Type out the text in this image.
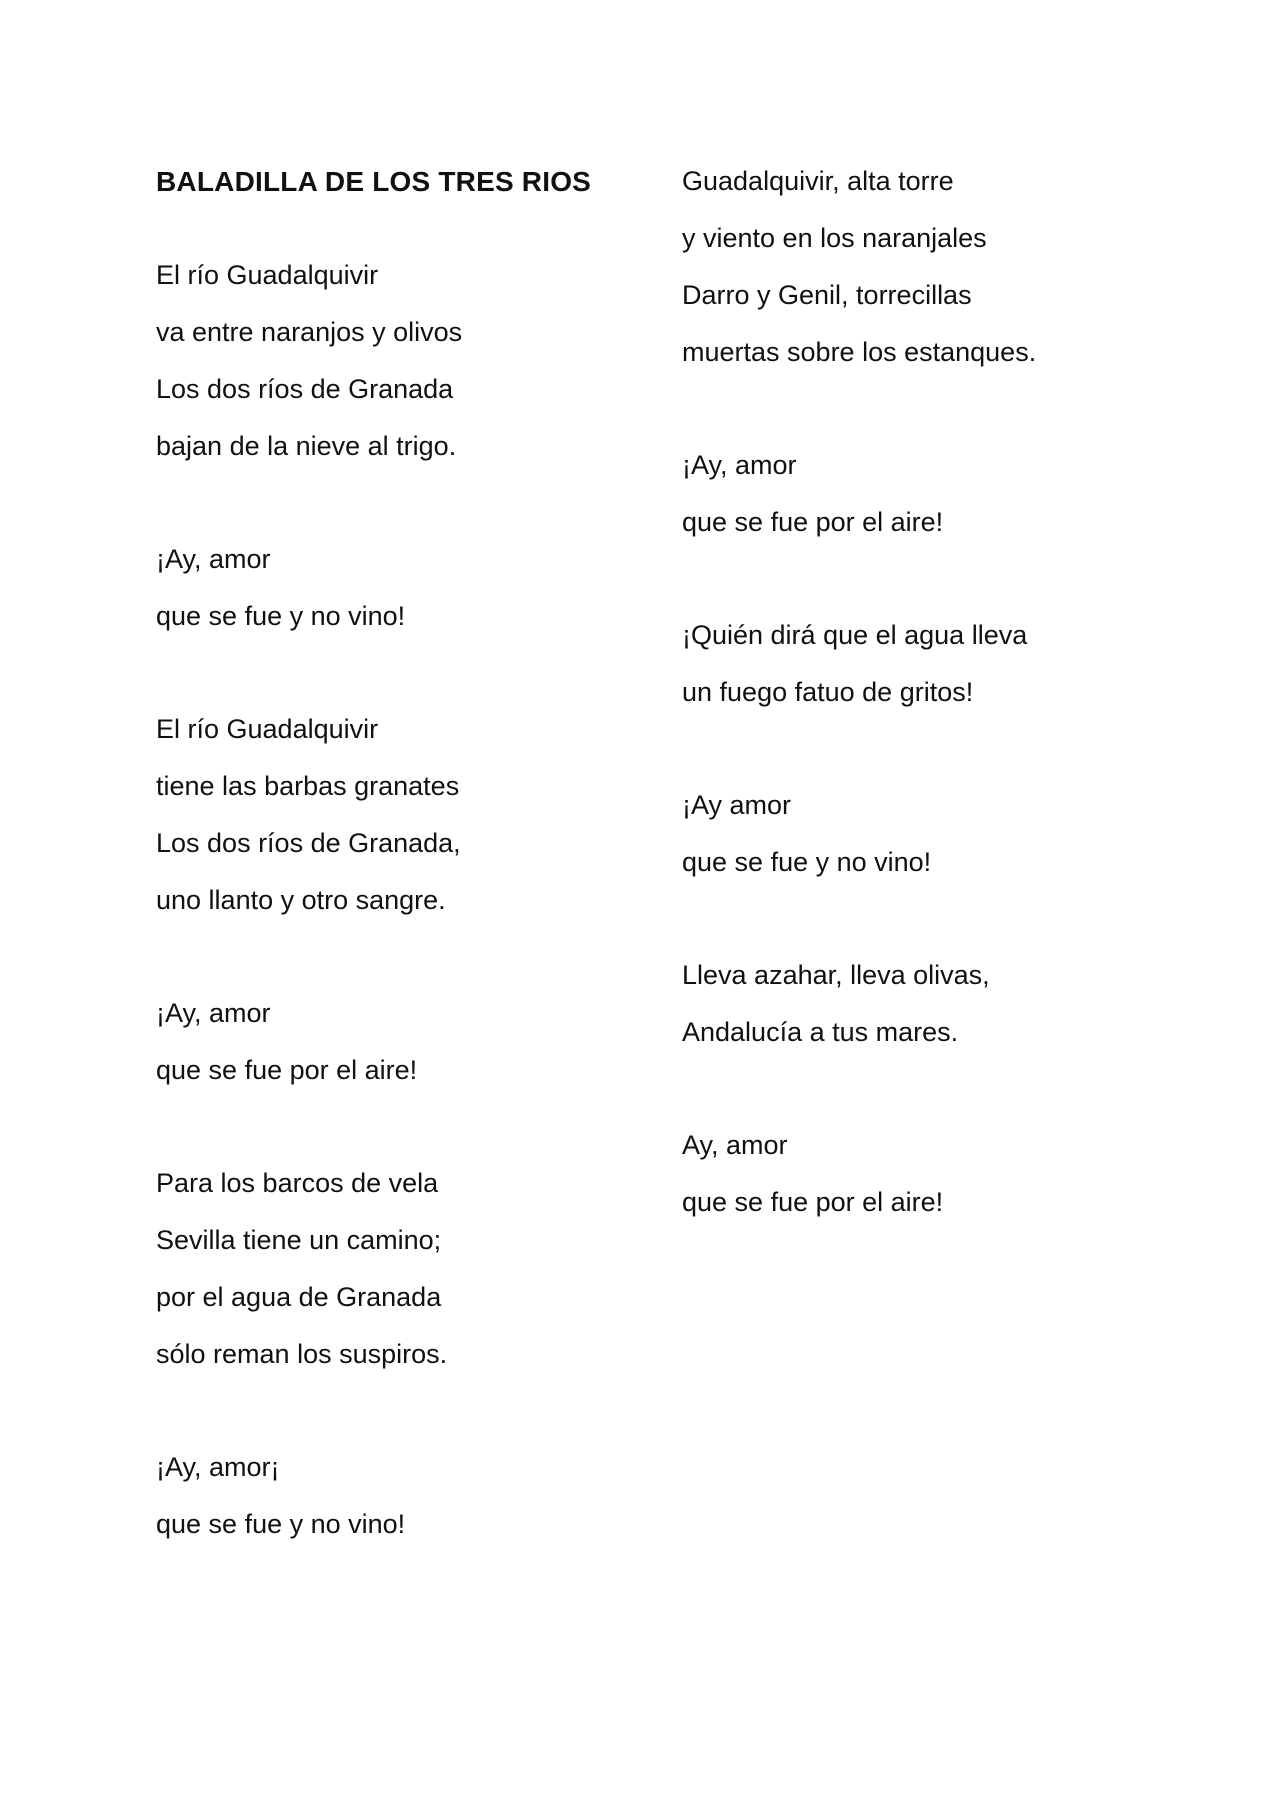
BALADILLA DE LOS TRES RIOS
El río Guadalquivir
va entre naranjos y olivos
Los dos ríos de Granada
bajan de la nieve al trigo.
¡Ay, amor
que se fue y no vino!
El río Guadalquivir
tiene las barbas granates
Los dos ríos de Granada,
uno llanto y otro sangre.
¡Ay, amor
que se fue por el aire!
Para los barcos de vela
Sevilla tiene un camino;
por el agua de Granada
sólo reman los suspiros.
¡Ay, amor¡
que se fue y no vino!
Guadalquivir, alta torre
y viento en los naranjales
Darro y Genil, torrecillas
muertas sobre los estanques.
¡Ay, amor
que se fue por el aire!
¡Quién dirá que el agua lleva
un fuego fatuo de gritos!
¡Ay amor
que se fue y no vino!
Lleva azahar, lleva olivas,
Andalucía a tus mares.
Ay, amor
que se fue por el aire!
